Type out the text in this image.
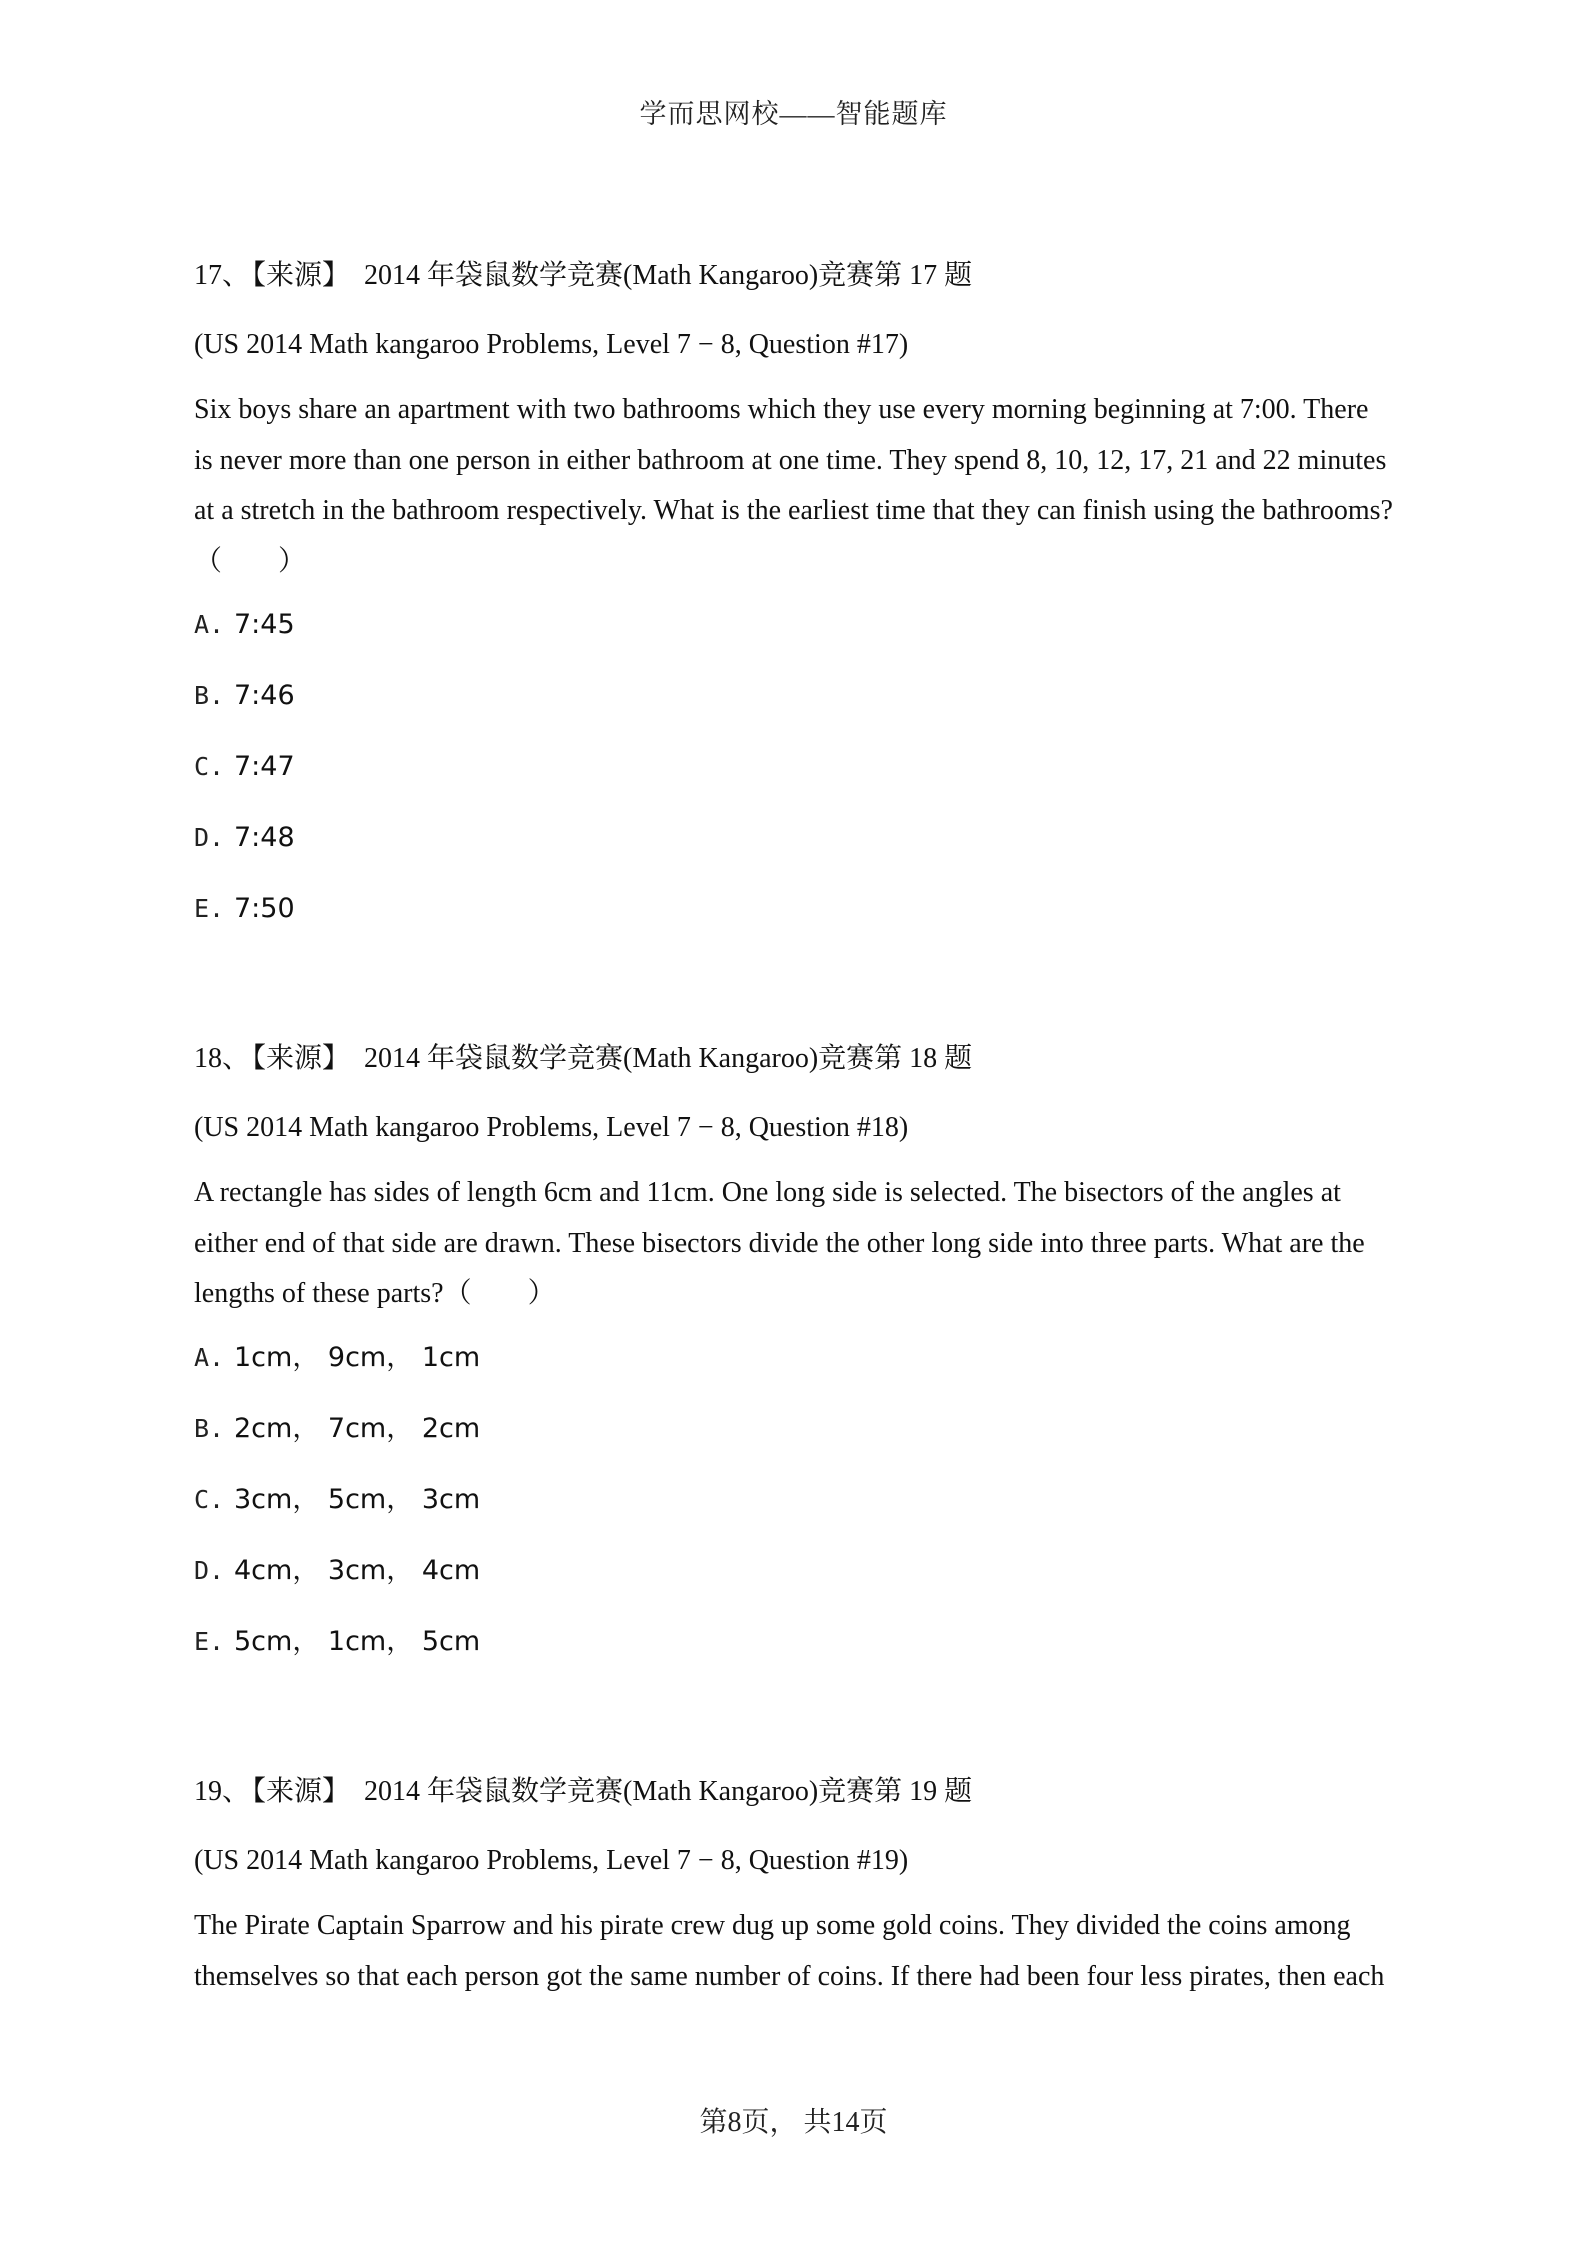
学而思网校——智能题库
17、【来源】 2014 年袋鼠数学竞赛(Math Kangaroo)竞赛第 17 题
(US 2014 Math kangaroo Problems, Level 7 − 8, Question #17)
Six boys share an apartment with two bathrooms which they use every morning beginning at 7:00. There is never more than one person in either bathroom at one time. They spend 8, 10, 12, 17, 21 and 22 minutes at a stretch in the bathroom respectively. What is the earliest time that they can finish using the bathrooms?（　　）
A. 7:45
B. 7:46
C. 7:47
D. 7:48
E. 7:50
18、【来源】 2014 年袋鼠数学竞赛(Math Kangaroo)竞赛第 18 题
(US 2014 Math kangaroo Problems, Level 7 − 8, Question #18)
A rectangle has sides of length 6cm and 11cm. One long side is selected. The bisectors of the angles at either end of that side are drawn. These bisectors divide the other long side into three parts. What are the lengths of these parts?（　　）
A. 1cm， 9cm， 1cm
B. 2cm， 7cm， 2cm
C. 3cm， 5cm， 3cm
D. 4cm， 3cm， 4cm
E. 5cm， 1cm， 5cm
19、【来源】 2014 年袋鼠数学竞赛(Math Kangaroo)竞赛第 19 题
(US 2014 Math kangaroo Problems, Level 7 − 8, Question #19)
The Pirate Captain Sparrow and his pirate crew dug up some gold coins. They divided the coins among themselves so that each person got the same number of coins. If there had been four less pirates, then each
第8页， 共14页
